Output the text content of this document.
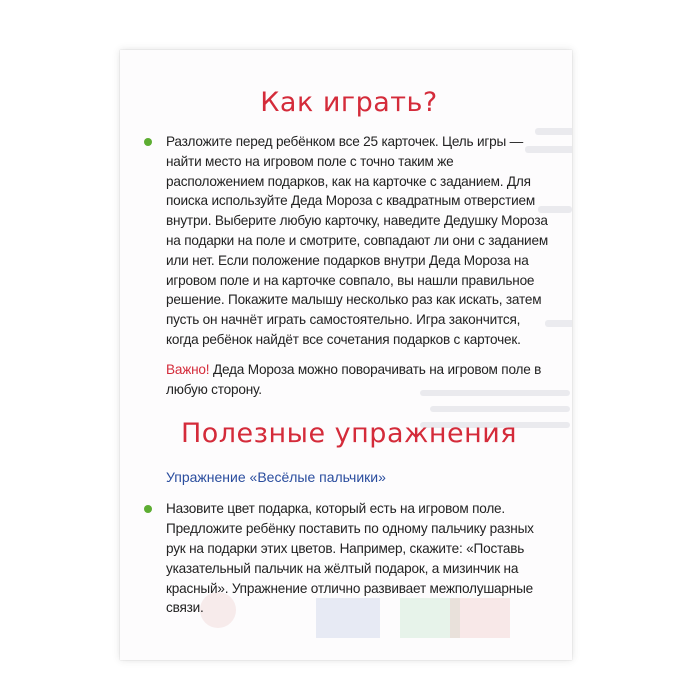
Как играть?

Разложите перед ребёнком все 25 карточек. Цель игры — найти место на игровом поле с точно таким же расположением подарков, как на карточке с заданием. Для поиска используйте Деда Мороза с квадратным отверстием внутри. Выберите любую карточку, наведите Дедушку Мороза на подарки на поле и смотрите, совпадают ли они с заданием или нет. Если положение подарков внутри Деда Мороза на игровом поле и на карточке совпало, вы нашли правильное решение. Покажите малышу несколько раз как искать, затем пусть он начнёт играть самостоятельно. Игра закончится, когда ребёнок найдёт все сочетания подарков с карточек.

Важно! Деда Мороза можно поворачивать на игровом поле в любую сторону.

Полезные упражнения
Упражнение «Весёлые пальчики»

Назовите цвет подарка, который есть на игровом поле. Предложите ребёнку поставить по одному пальчику разных рук на подарки этих цветов. Например, скажите: «Поставь указательный пальчик на жёлтый подарок, а мизинчик на красный». Упражнение отлично развивает межполушарные связи.
